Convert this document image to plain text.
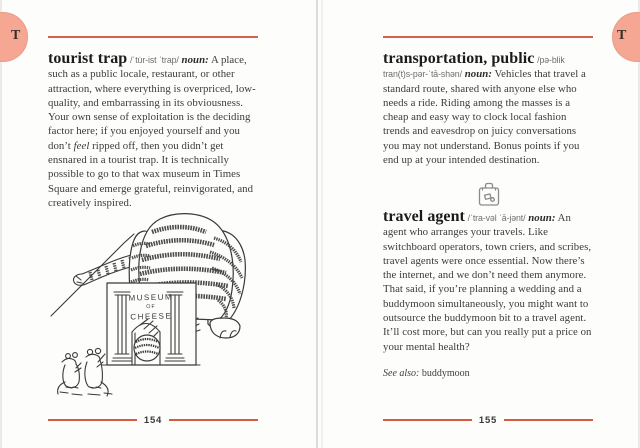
T	T

tourist trap /ˈtu̇r-ist ˈtrap/ noun: A place, such as a public locale, restaurant, or other attraction, where everything is overpriced, low-quality, and embarrassing in its obviousness. Your own sense of exploitation is the deciding factor here; if you enjoyed yourself and you don’t feel ripped off, then you didn’t get ensnared in a tourist trap. It is technically possible to go to that wax museum in Times Square and emerge grateful, reinvigorated, and creatively inspired.

MUSEUM
OF
CHEESE
154

transportation, public /pə-blik tran(t)s-pər-ˈtā-shən/ noun: Vehicles that travel a standard route, shared with anyone else who needs a ride. Riding among the masses is a cheap and easy way to clock local fashion trends and eavesdrop on juicy conversations you may not understand. Bonus points if you end up at your intended destination.

travel agent /ˈtra-vəl ˈā-jənt/ noun: An agent who arranges your travels. Like switchboard operators, town criers, and scribes, travel agents were once essential. Now there’s the internet, and we don’t need them anymore. That said, if you’re planning a wedding and a buddymoon simultaneously, you might want to outsource the buddymoon bit to a travel agent. It’ll cost more, but can you really put a price on your mental health?

See also: buddymoon

155
